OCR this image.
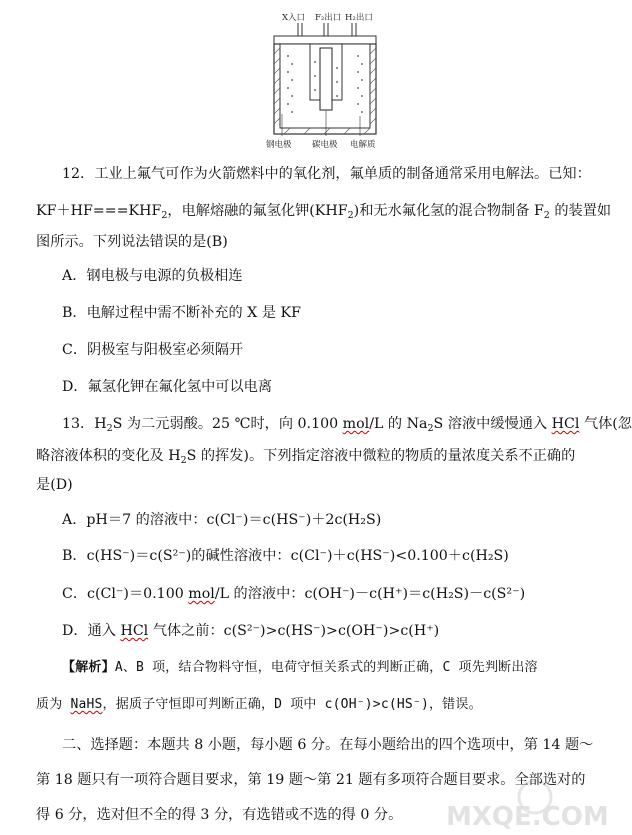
X入口 F₂出口 H₂出口
钢电极 碳电极 电解质
12．工业上氟气可作为火箭燃料中的氧化剂，氟单质的制备通常采用电解法。已知：
$KF+HF===KHF_2$，电解熔融的氟氢化钾$(KHF_2)$和无水氟化氢的混合物制备 $F_2$ 的装置如
图所示。下列说法错误的是(B)
A．钢电极与电源的负极相连
B．电解过程中需不断补充的 X 是 KF
C．阴极室与阳极室必须隔开
D．氟氢化钾在氟化氢中可以电离
13．$H_2S$ 为二元弱酸。25 ℃时，向 0.100 mol/L 的 $Na_2S$ 溶液中缓慢通入 HCl 气体(忽
略溶液体积的变化及 $H_2S$ 的挥发)。下列指定溶液中微粒的物质的量浓度关系不正确的
是(D)
A．pH＝7 的溶液中：c(Cl⁻)＝c(HS⁻)＋2c(H₂S)
B．c(HS⁻)＝c(S²⁻)的碱性溶液中：c(Cl⁻)＋c(HS⁻)<0.100＋c(H₂S)
C．c(Cl⁻)＝0.100 mol/L 的溶液中：c(OH⁻)－c(H⁺)＝c(H₂S)－c(S²⁻)
D．通入 HCl 气体之前：c(S²⁻)>c(HS⁻)>c(OH⁻)>c(H⁺)
【解析】A、B 项，结合物料守恒，电荷守恒关系式的判断正确，C 项先判断出溶
质为 NaHS，据质子守恒即可判断正确，D 项中 c(OH⁻)>c(HS⁻)，错误。
二、选择题：本题共 8 小题，每小题 6 分。在每小题给出的四个选项中，第 14 题～
第 18 题只有一项符合题目要求，第 19 题～第 21 题有多项符合题目要求。全部选对的
得 6 分，选对但不全的得 3 分，有选错或不选的得 0 分。 MXQE.COM
